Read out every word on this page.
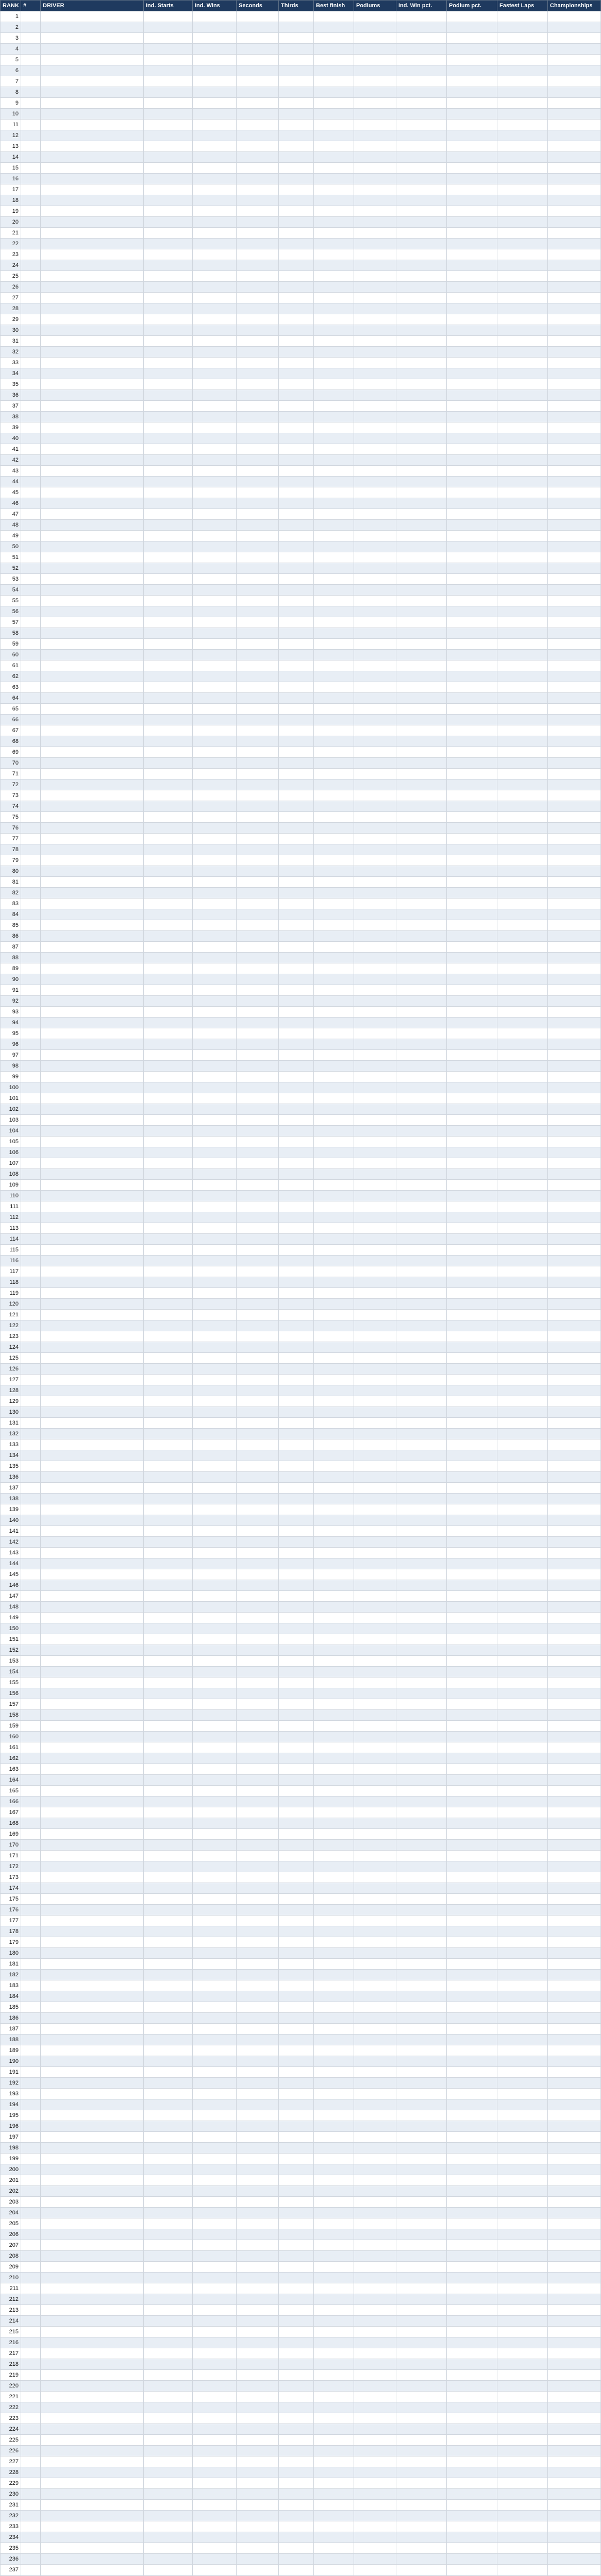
RANK	#	DRIVER	Ind. Starts	Ind. Wins	Seconds	Thirds	Best finish	Podiums	Ind. Win pct.	Podium pct.	Fastest Laps	Championships
1												
2												
3												
4												
5												
6												
7												
8												
9												
10												
11												
12												
13												
14												
15												
16												
17												
18												
19												
20												
21												
22												
23												
24												
25												
26												
27												
28												
29												
30												
31												
32												
33												
34												
35												
36												
37												
38												
39												
40												
41												
42												
43												
44												
45												
46												
47												
48												
49												
50												
51												
52												
53												
54												
55												
56												
57												
58												
59												
60												
61												
62												
63												
64												
65												
66												
67												
68												
69												
70												
71												
72												
73												
74												
75												
76												
77												
78												
79												
80												
81												
82												
83												
84												
85												
86												
87												
88												
89												
90												
91												
92												
93												
94												
95												
96												
97												
98												
99												
100												
101												
102												
103												
104												
105												
106												
107												
108												
109												
110												
111												
112												
113												
114												
115												
116												
117												
118												
119												
120												
121												
122												
123												
124												
125												
126												
127												
128												
129												
130												
131												
132												
133												
134												
135												
136												
137												
138												
139												
140												
141												
142												
143												
144												
145												
146												
147												
148												
149												
150												
151												
152												
153												
154												
155												
156												
157												
158												
159												
160												
161												
162												
163												
164												
165												
166												
167												
168												
169												
170												
171												
172												
173												
174												
175												
176												
177												
178												
179												
180												
181												
182												
183												
184												
185												
186												
187												
188												
189												
190												
191												
192												
193												
194												
195												
196												
197												
198												
199												
200												
201												
202												
203												
204												
205												
206												
207												
208												
209												
210												
211												
212												
213												
214												
215												
216												
217												
218												
219												
220												
221												
222												
223												
224												
225												
226												
227												
228												
229												
230												
231												
232												
233												
234												
235												
236												
237												
